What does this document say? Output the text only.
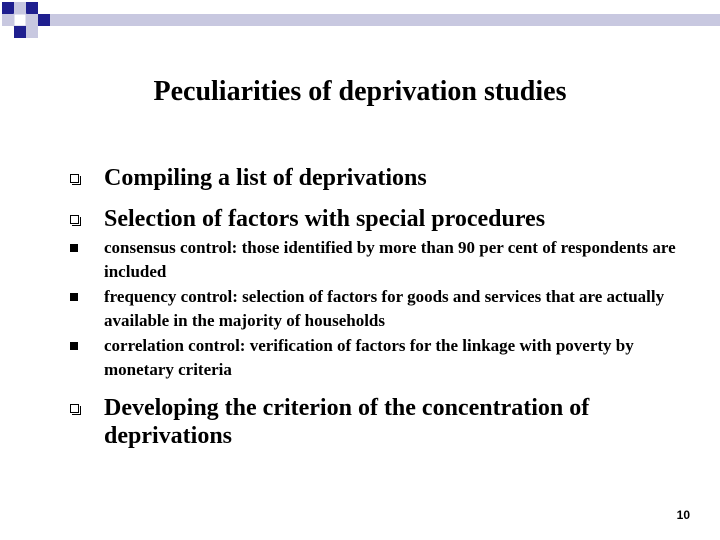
Peculiarities of deprivation studies
Compiling a list of deprivations
Selection of factors with special procedures
consensus control: those identified by more than 90 per cent of respondents are included
frequency control: selection of factors for goods and services that are actually available in the majority of households
correlation control: verification of factors for the linkage with poverty by monetary criteria
Developing the criterion of the concentration of deprivations
10
